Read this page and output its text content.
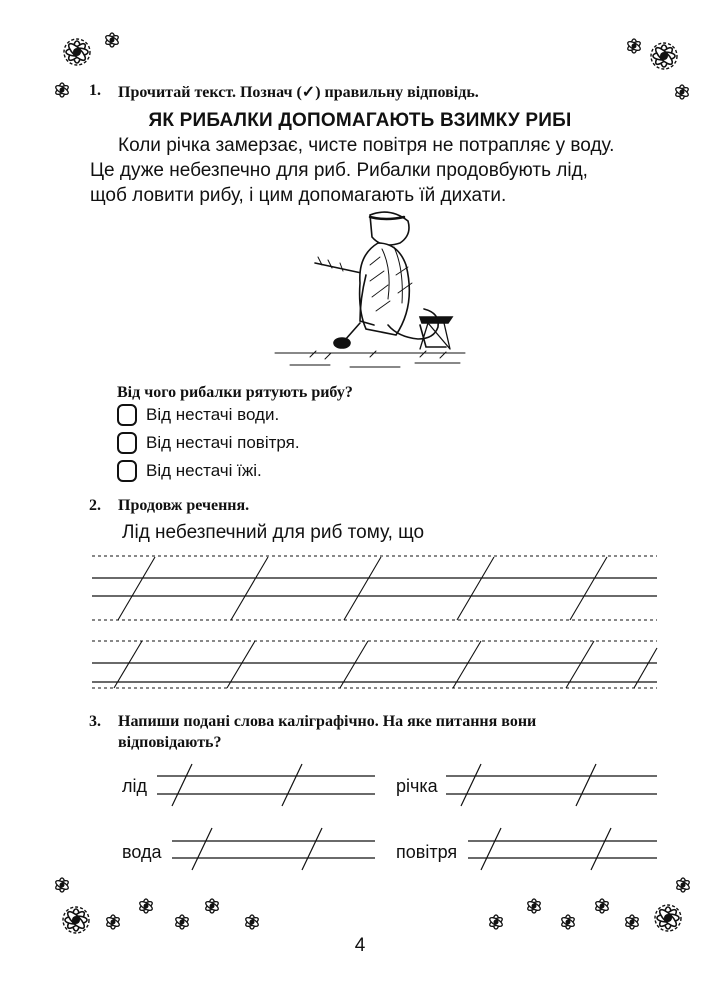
1. Прочитай текст. Познач (✓) правильну відповідь.
ЯК РИБАЛКИ ДОПОМАГАЮТЬ ВЗИМКУ РИБІ
Коли річка замерзає, чисте повітря не потрапляє у воду.
Це дуже небезпечно для риб. Рибалки продовбують лід,
щоб ловити рибу, і цим допомагають їй дихати.
Від чого рибалки рятують рибу?
Від нестачі води.
Від нестачі повітря.
Від нестачі їжі.
2. Продовж речення.
Лід небезпечний для риб тому, що
3. Напиши подані слова каліграфічно. На яке питання вони
відповідають?
лід	річка
вода	повітря
4
